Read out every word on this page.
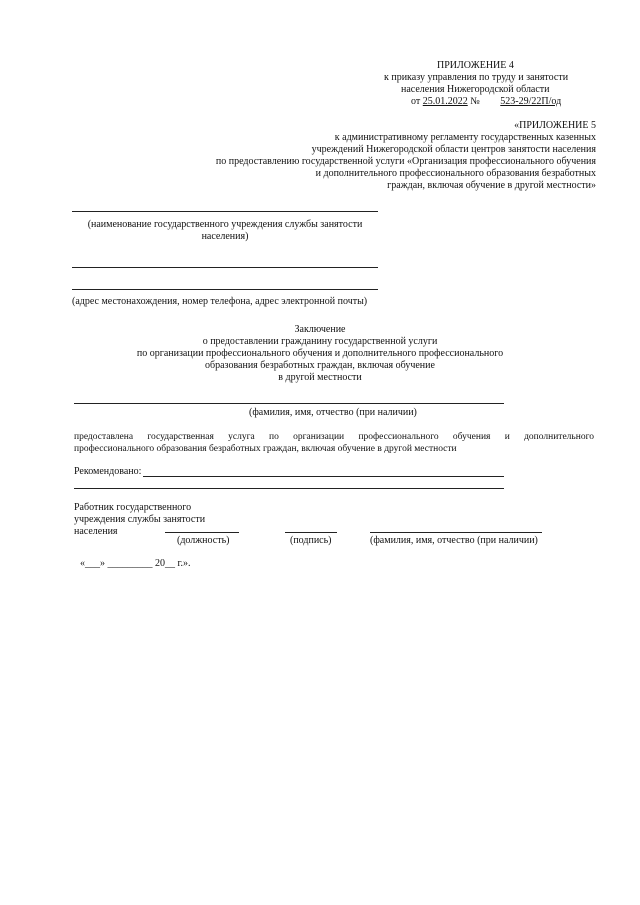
ПРИЛОЖЕНИЕ 4
к приказу управления по труду и занятости
населения Нижегородской области
от 25.01.2022 № 523-29/22П/од
«ПРИЛОЖЕНИЕ 5
к административному регламенту государственных казенных
учреждений Нижегородской области центров занятости населения
по предоставлению государственной услуги «Организация профессионального обучения
и дополнительного профессионального образования безработных
граждан, включая обучение в другой местности»
(наименование государственного учреждения службы занятости
населения)
(адрес местонахождения, номер телефона, адрес электронной почты)
Заключение
о предоставлении гражданину государственной услуги
по организации профессионального обучения и дополнительного профессионального
образования безработных граждан, включая обучение
в другой местности
(фамилия, имя, отчество (при наличии)
предоставлена государственная услуга по организации профессионального обучения и дополнительного
профессионального образования безработных граждан, включая обучение в другой местности
Рекомендовано:
Работник государственного
учреждения службы занятости
населения
(должность)	(подпись)	(фамилия, имя, отчество (при наличии)
«___» _________ 20__ г.».
